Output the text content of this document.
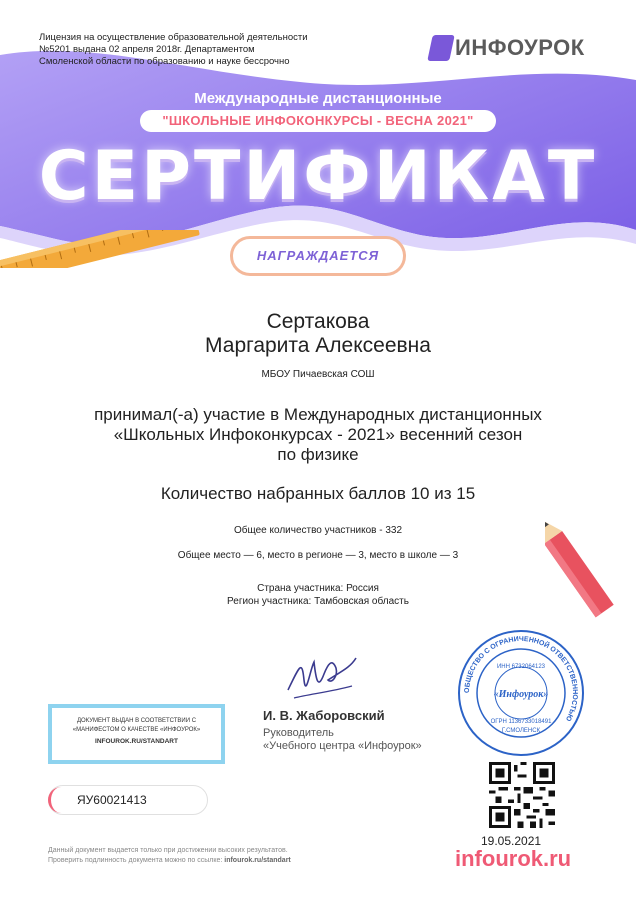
Лицензия на осуществление образовательной деятельности
№5201 выдана 02 апреля 2018г. Департаментом
Смоленской области по образованию и науке бессрочно
ИНФОУРОК
Международные дистанционные
"ШКОЛЬНЫЕ ИНФОКОНКУРСЫ - ВЕСНА 2021"
СЕРТИФИКАТ
НАГРАЖДАЕТСЯ
Сертакова
Маргарита Алексеевна
МБОУ Пичаевская СОШ
принимал(-а) участие в Международных дистанционных
«Школьных Инфоконкурсах - 2021» весенний сезон
по физике
Количество набранных баллов 10 из 15
Общее количество участников - 332
Общее место — 6, место в регионе — 3, место в школе — 3
Страна участника: Россия
Регион участника: Тамбовская область
ДОКУМЕНТ ВЫДАН В СООТВЕТСТВИИ С
«МАНИФЕСТОМ О КАЧЕСТВЕ «ИНФОУРОК»
INFOUROK.RU/STANDART
ЯУ60021413
И. В. Жаборовский
Руководитель
«Учебного центра «Инфоурок»
ОБЩЕСТВО С ОГРАНИЧЕННОЙ ОТВЕТСТВЕННОСТЬЮ
ИНН 6732064123
«Инфоурок»
ОГРН 1136733018491
Г.СМОЛЕНСК
19.05.2021
infourok.ru
Данный документ выдается только при достижении высоких результатов.
Проверить подлинность документа можно по ссылке: infourok.ru/standart
